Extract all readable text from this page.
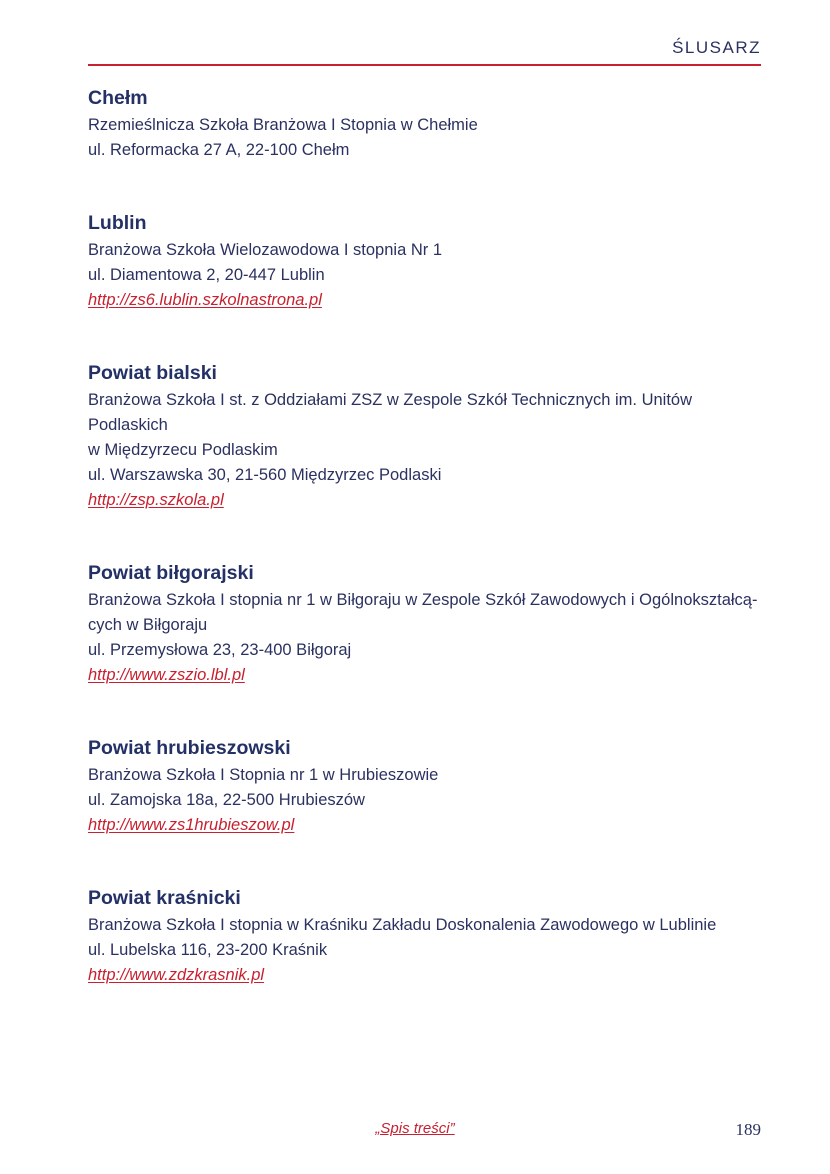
ŚLUSARZ
Chełm
Rzemieślnicza Szkoła Branżowa I Stopnia w Chełmie
ul. Reformacka 27 A, 22-100 Chełm
Lublin
Branżowa Szkoła Wielozawodowa I stopnia Nr 1
ul. Diamentowa 2, 20-447 Lublin
http://zs6.lublin.szkolnastrona.pl
Powiat bialski
Branżowa Szkoła I st. z Oddziałami ZSZ w Zespole Szkół Technicznych im. Unitów Podlaskich
w Międzyrzecu Podlaskim
ul. Warszawska 30, 21-560 Międzyrzec Podlaski
http://zsp.szkola.pl
Powiat biłgorajski
Branżowa Szkoła I stopnia nr 1 w Biłgoraju w Zespole Szkół Zawodowych i Ogólnokształcą-
cych w Biłgoraju
ul. Przemysłowa 23, 23-400 Biłgoraj
http://www.zszio.lbl.pl
Powiat hrubieszowski
Branżowa Szkoła I Stopnia nr 1 w Hrubieszowie
ul. Zamojska 18a, 22-500 Hrubieszów
http://www.zs1hrubieszow.pl
Powiat kraśnicki
Branżowa Szkoła I stopnia w Kraśniku Zakładu Doskonalenia Zawodowego w Lublinie
ul. Lubelska 116, 23-200 Kraśnik
http://www.zdzkrasnik.pl
„Spis treści”	189
